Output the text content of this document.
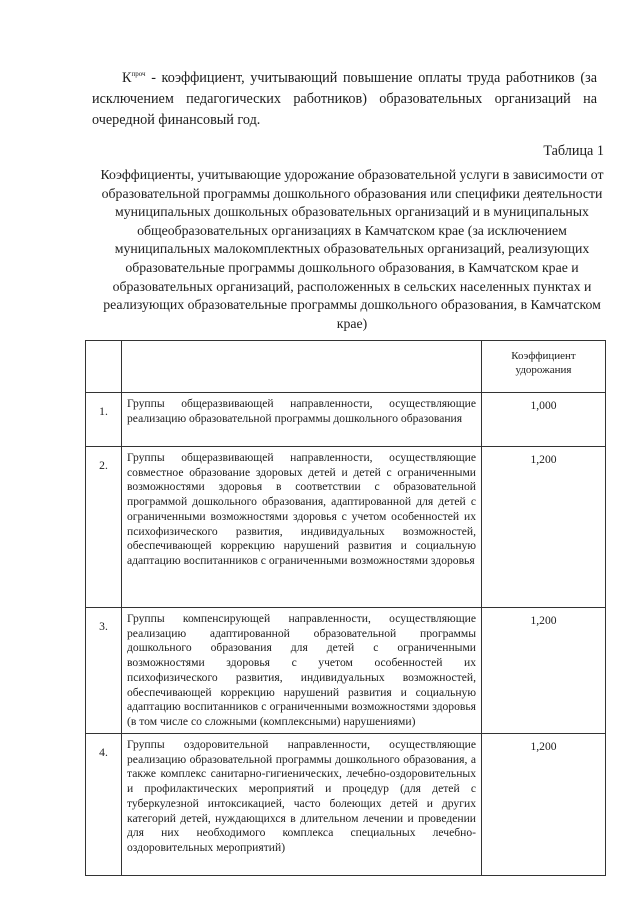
$К^{проч}$ - коэффициент, учитывающий повышение оплаты труда работников (за исключением педагогических работников) образовательных организаций на очередной финансовый год.

Таблица 1
Коэффициенты, учитывающие удорожание образовательной услуги в зависимости от образовательной программы дошкольного образования или специфики деятельности муниципальных дошкольных образовательных организаций и в муниципальных общеобразовательных организациях в Камчатском крае (за исключением муниципальных малокомплектных образовательных организаций, реализующих образовательные программы дошкольного образования, в Камчатском крае и образовательных организаций, расположенных в сельских населенных пунктах и реализующих образовательные программы дошкольного образования, в Камчатском крае)
		Коэффициент удорожания
1.	Группы общеразвивающей направленности, осуществляющие реализацию образовательной программы дошкольного образования	1,000
2.	Группы общеразвивающей направленности, осуществляющие совместное образование здоровых детей и детей с ограниченными возможностями здоровья в соответствии с образовательной программой дошкольного образования, адаптированной для детей с ограниченными возможностями здоровья с учетом особенностей их психофизического развития, индивидуальных возможностей, обеспечивающей коррекцию нарушений развития и социальную адаптацию воспитанников с ограниченными возможностями здоровья	1,200
3.	Группы компенсирующей направленности, осуществляющие реализацию адаптированной образовательной программы дошкольного образования для детей с ограниченными возможностями здоровья с учетом особенностей их психофизического развития, индивидуальных возможностей, обеспечивающей коррекцию нарушений развития и социальную адаптацию воспитанников с ограниченными возможностями здоровья (в том числе со сложными (комплексными) нарушениями)	1,200
4.	Группы оздоровительной направленности, осуществляющие реализацию образовательной программы дошкольного образования, а также комплекс санитарно-гигиенических, лечебно-оздоровительных и профилактических мероприятий и процедур (для детей с туберкулезной интоксикацией, часто болеющих детей и других категорий детей, нуждающихся в длительном лечении и проведении для них необходимого комплекса специальных лечебно-оздоровительных мероприятий)	1,200
